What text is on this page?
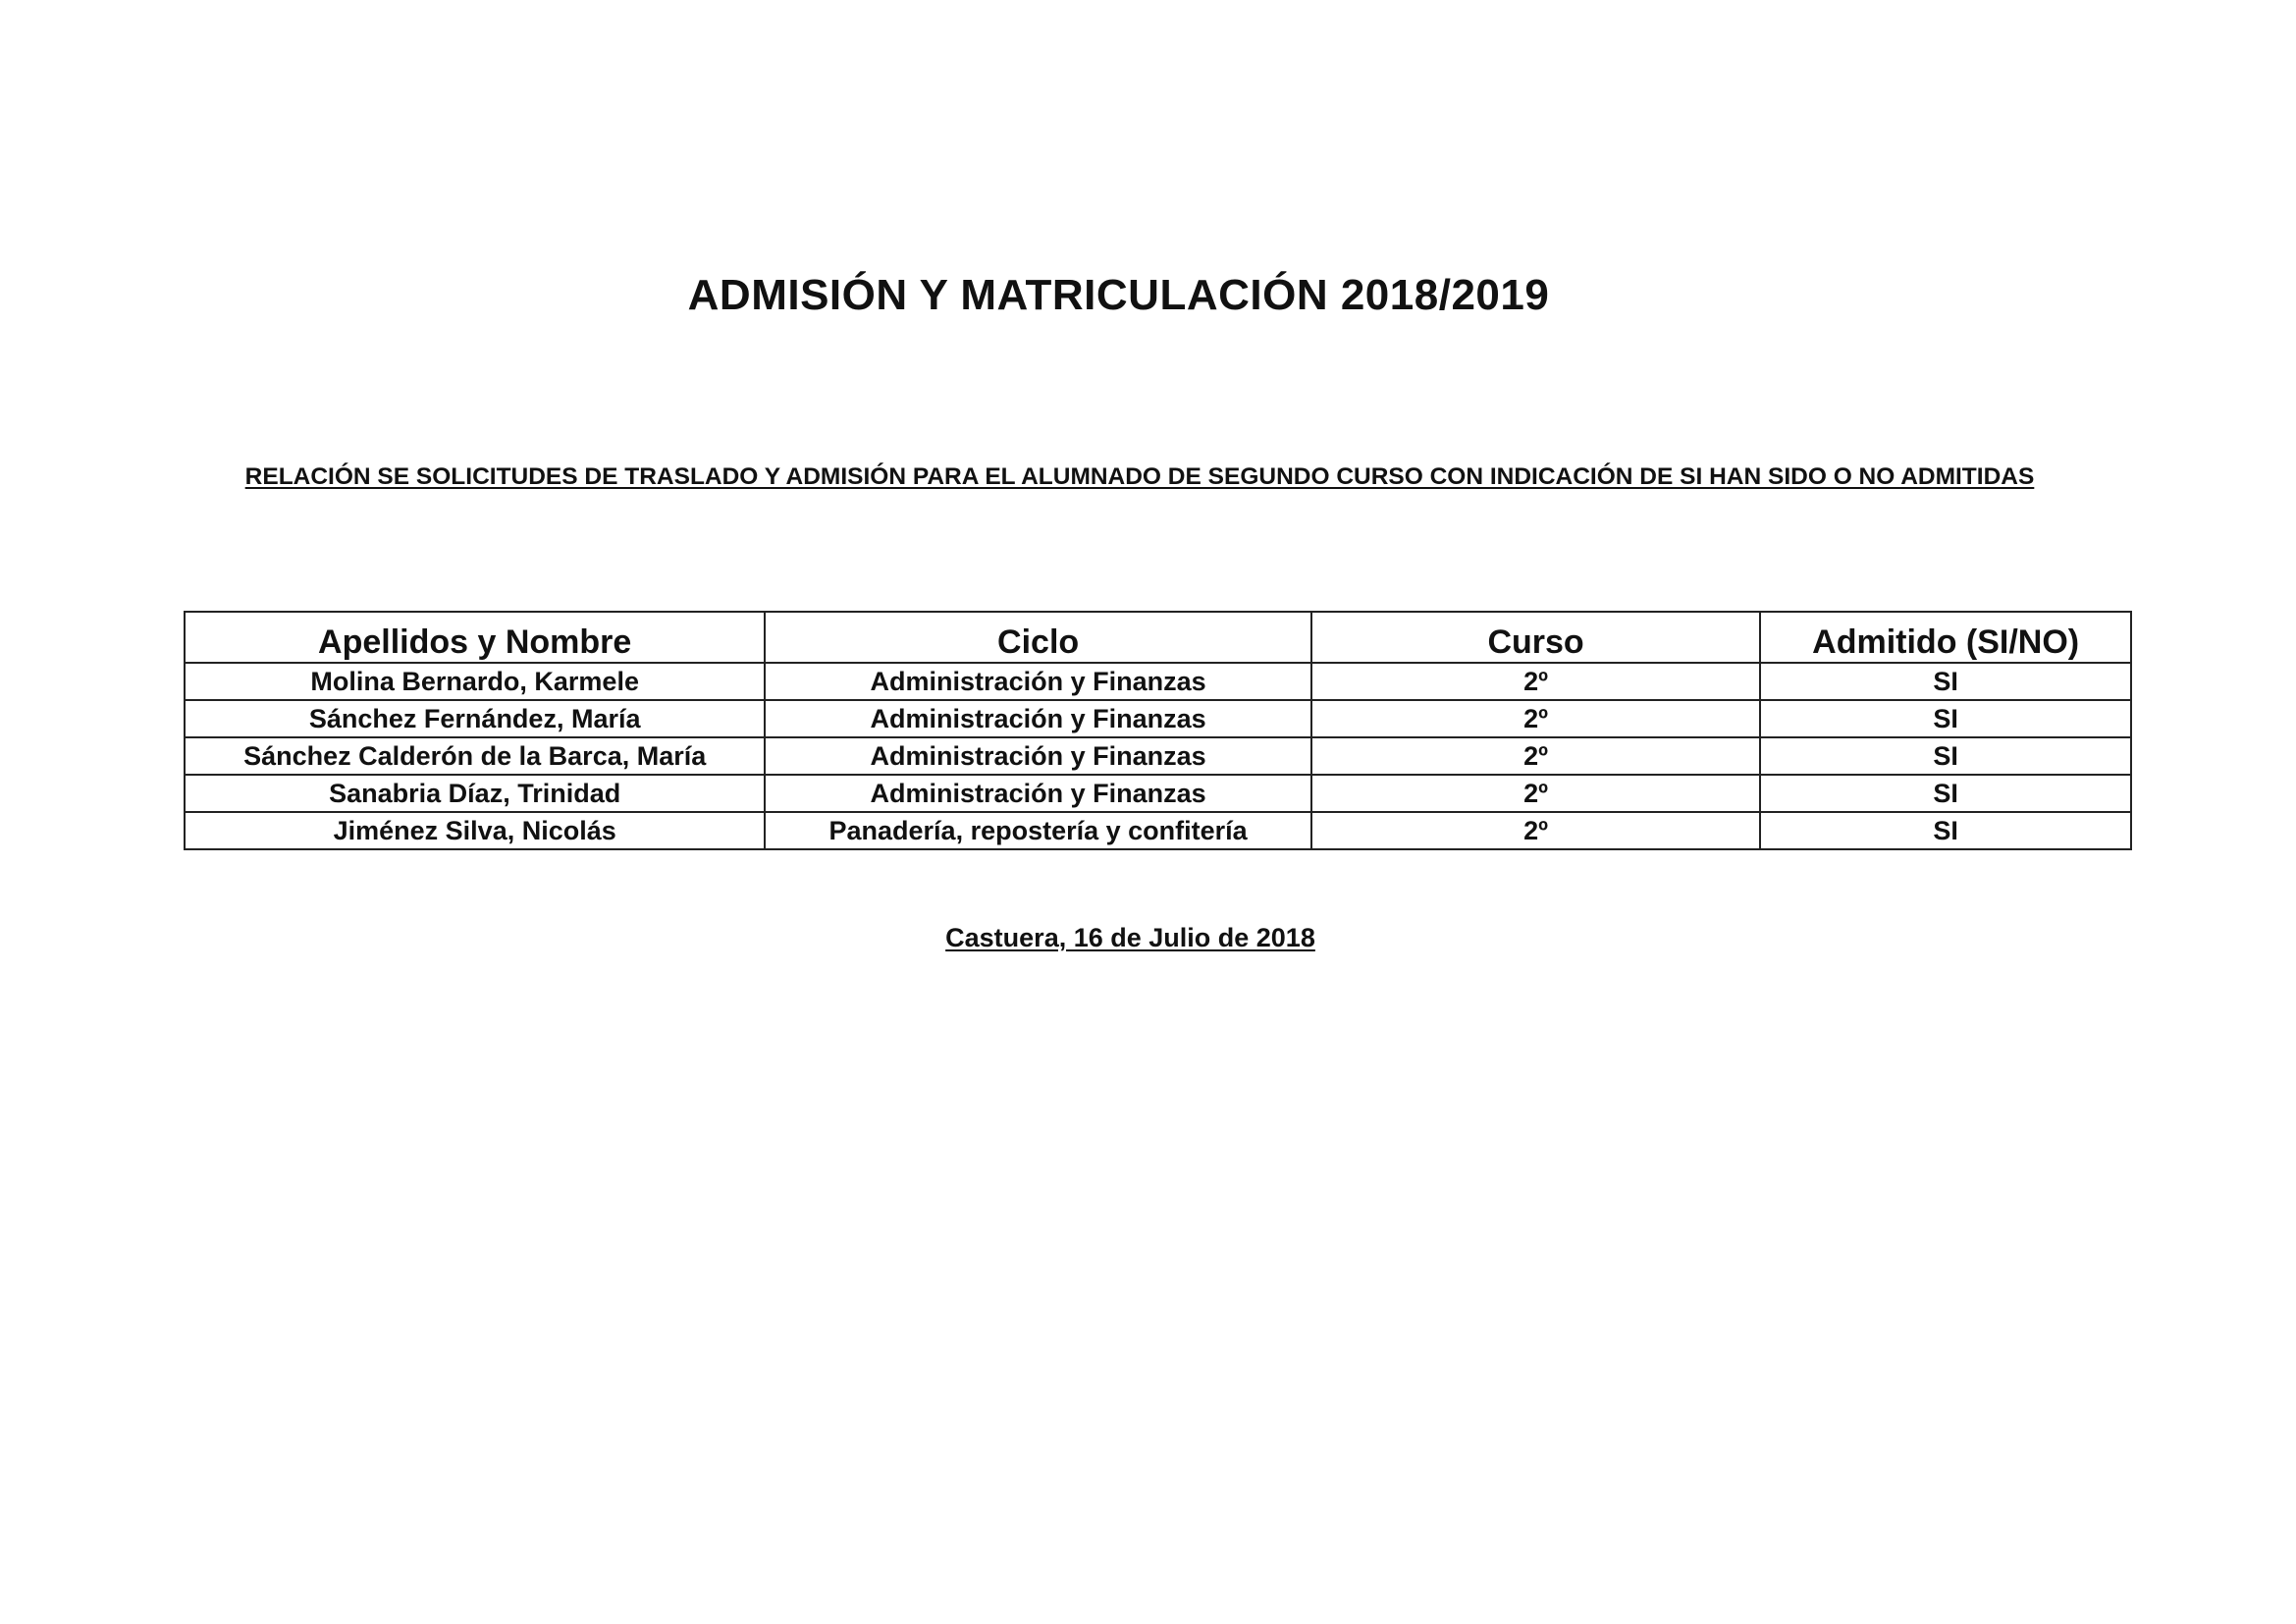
ADMISIÓN Y MATRICULACIÓN 2018/2019
RELACIÓN SE SOLICITUDES DE TRASLADO Y ADMISIÓN PARA EL ALUMNADO DE SEGUNDO CURSO CON INDICACIÓN DE SI HAN SIDO O NO ADMITIDAS
Apellidos y Nombre	Ciclo	Curso	Admitido (SI/NO)
Molina Bernardo, Karmele	Administración y Finanzas	2º	SI
Sánchez Fernández, María	Administración y Finanzas	2º	SI
Sánchez Calderón de la Barca, María	Administración y Finanzas	2º	SI
Sanabria Díaz, Trinidad	Administración y Finanzas	2º	SI
Jiménez Silva, Nicolás	Panadería, repostería y confitería	2º	SI
Castuera, 16 de Julio de 2018
